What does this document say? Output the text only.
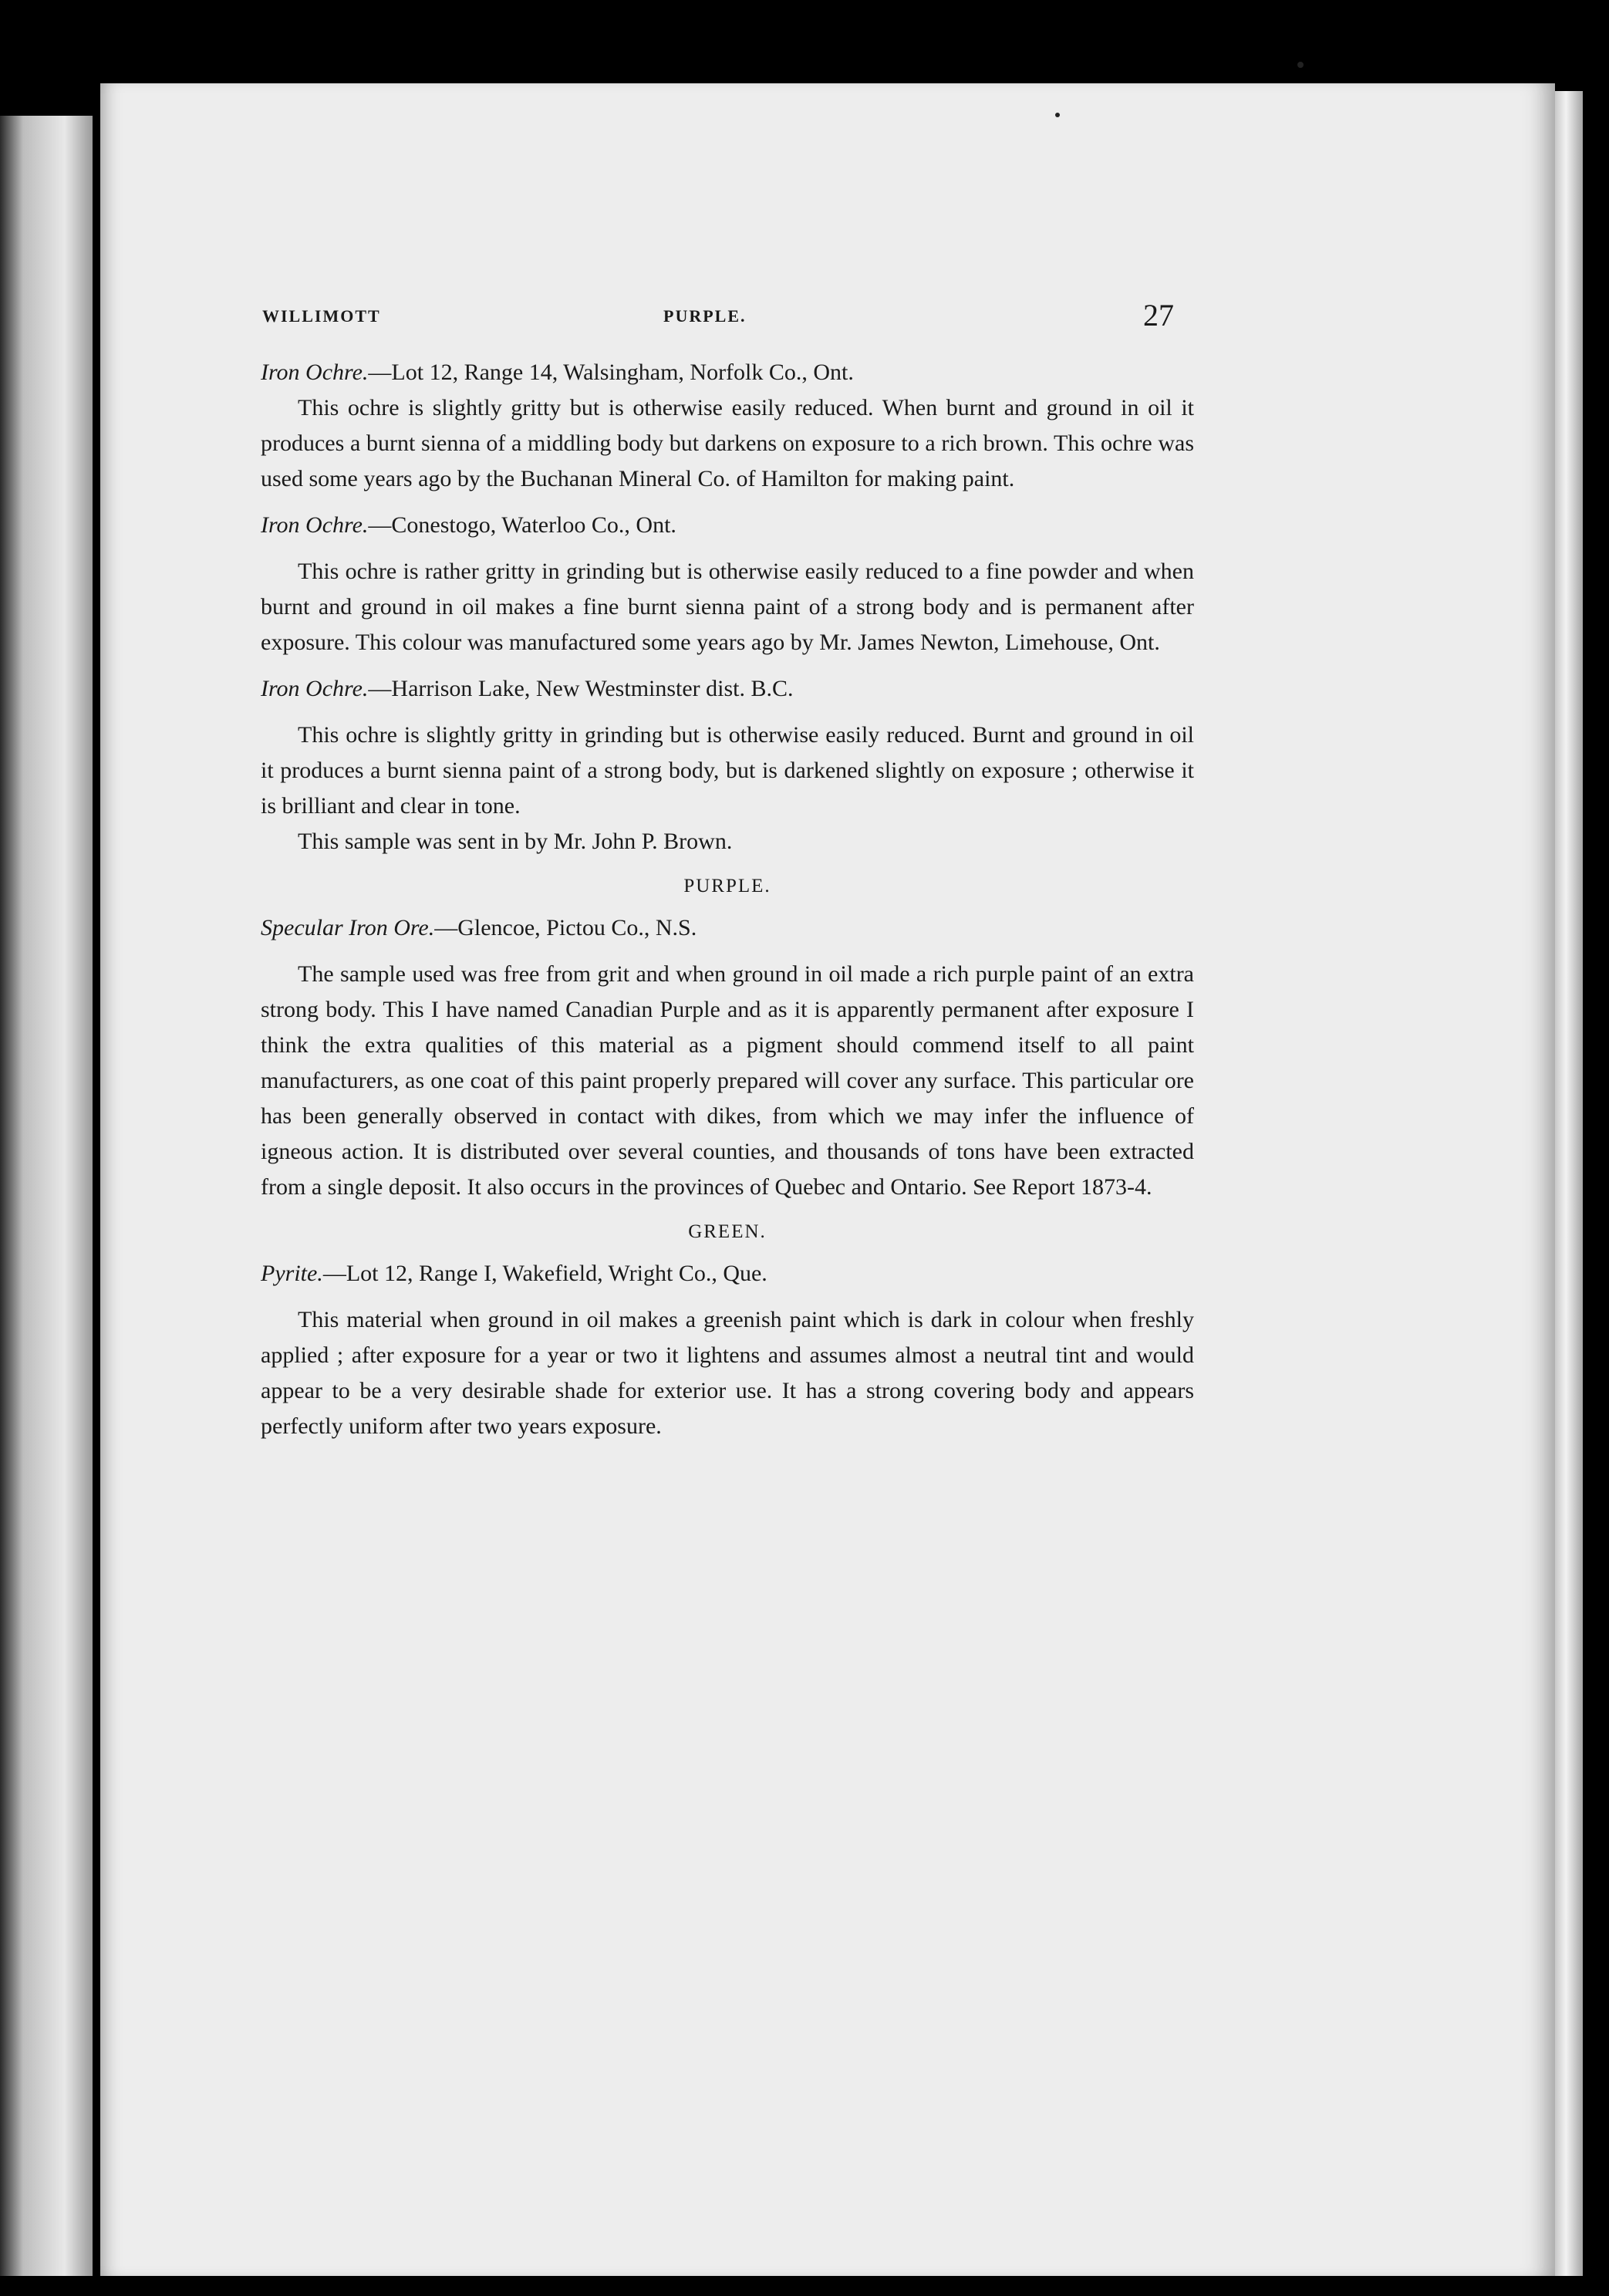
WILLIMOTT	PURPLE.	27

Iron Ochre.—Lot 12, Range 14, Walsingham, Norfolk Co., Ont.

This ochre is slightly gritty but is otherwise easily reduced. When burnt and ground in oil it produces a burnt sienna of a middling body but darkens on exposure to a rich brown. This ochre was used some years ago by the Buchanan Mineral Co. of Hamilton for making paint.

Iron Ochre.—Conestogo, Waterloo Co., Ont.

This ochre is rather gritty in grinding but is otherwise easily reduced to a fine powder and when burnt and ground in oil makes a fine burnt sienna paint of a strong body and is permanent after exposure. This colour was manufactured some years ago by Mr. James Newton, Limehouse, Ont.

Iron Ochre.—Harrison Lake, New Westminster dist. B.C.

This ochre is slightly gritty in grinding but is otherwise easily reduced. Burnt and ground in oil it produces a burnt sienna paint of a strong body, but is darkened slightly on exposure ; otherwise it is brilliant and clear in tone.

This sample was sent in by Mr. John P. Brown.

PURPLE.

Specular Iron Ore.—Glencoe, Pictou Co., N.S.

The sample used was free from grit and when ground in oil made a rich purple paint of an extra strong body. This I have named Canadian Purple and as it is apparently permanent after exposure I think the extra qualities of this material as a pigment should commend itself to all paint manufacturers, as one coat of this paint properly prepared will cover any surface. This particular ore has been generally observed in contact with dikes, from which we may infer the influence of igneous action. It is distributed over several counties, and thousands of tons have been extracted from a single deposit. It also occurs in the provinces of Quebec and Ontario. See Report 1873-4.

GREEN.

Pyrite.—Lot 12, Range I, Wakefield, Wright Co., Que.

This material when ground in oil makes a greenish paint which is dark in colour when freshly applied ; after exposure for a year or two it lightens and assumes almost a neutral tint and would appear to be a very desirable shade for exterior use. It has a strong covering body and appears perfectly uniform after two years exposure.
